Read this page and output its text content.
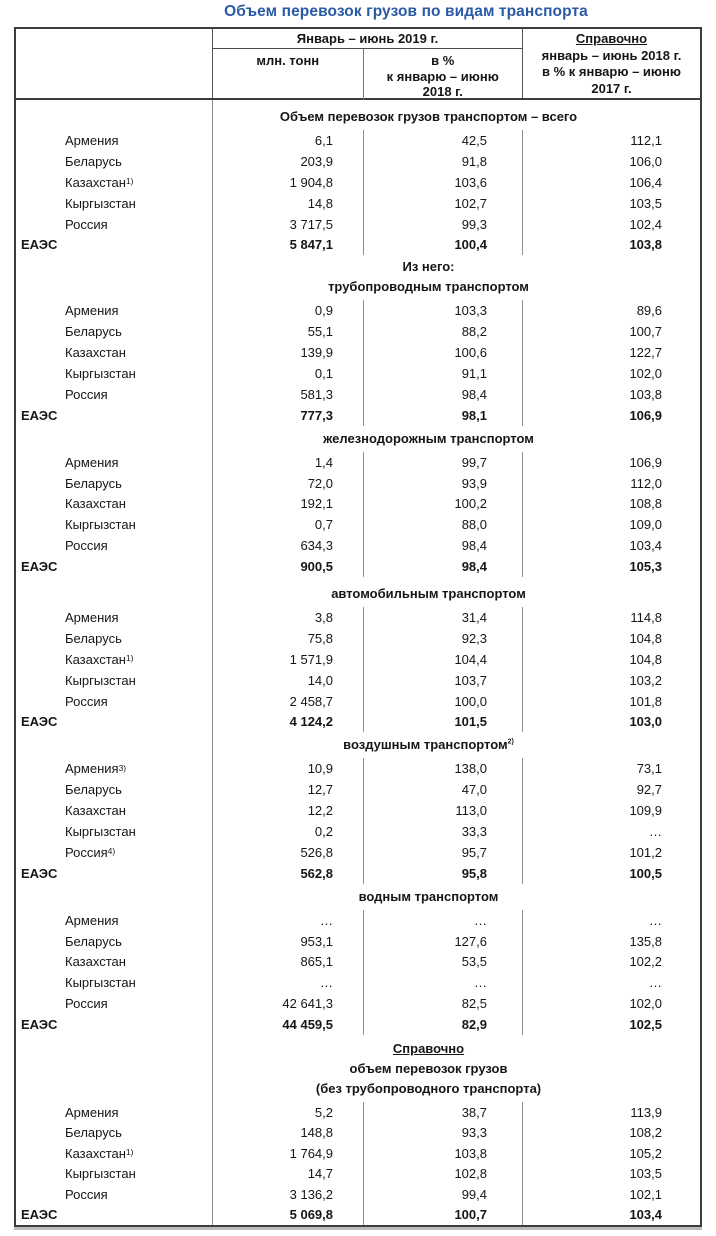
Объем перевозок грузов по видам транспорта
Январь – июнь 2019 г.
млн. тонн	в %
к январю – июню
2018 г.
Справочно
январь – июнь 2018 г.
в % к январю – июню
2017 г.
Объем перевозок грузов транспортом – всего
Армения	6,1	42,5	112,1
Беларусь	203,9	91,8	106,0
Казахстан$^{1)}$	1 904,8	103,6	106,4
Кыргызстан	14,8	102,7	103,5
Россия	3 717,5	99,3	102,4
ЕАЭС	5 847,1	100,4	103,8
Из него:
трубопроводным транспортом
Армения	0,9	103,3	89,6
Беларусь	55,1	88,2	100,7
Казахстан	139,9	100,6	122,7
Кыргызстан	0,1	91,1	102,0
Россия	581,3	98,4	103,8
ЕАЭС	777,3	98,1	106,9
железнодорожным транспортом
Армения	1,4	99,7	106,9
Беларусь	72,0	93,9	112,0
Казахстан	192,1	100,2	108,8
Кыргызстан	0,7	88,0	109,0
Россия	634,3	98,4	103,4
ЕАЭС	900,5	98,4	105,3
автомобильным транспортом
Армения	3,8	31,4	114,8
Беларусь	75,8	92,3	104,8
Казахстан$^{1)}$	1 571,9	104,4	104,8
Кыргызстан	14,0	103,7	103,2
Россия	2 458,7	100,0	101,8
ЕАЭС	4 124,2	101,5	103,0
воздушным транспортом$^{2)}$
Армения$^{3)}$	10,9	138,0	73,1
Беларусь	12,7	47,0	92,7
Казахстан	12,2	113,0	109,9
Кыргызстан	0,2	33,3	…
Россия$^{4)}$	526,8	95,7	101,2
ЕАЭС	562,8	95,8	100,5
водным транспортом
Армения	…	…	…
Беларусь	953,1	127,6	135,8
Казахстан	865,1	53,5	102,2
Кыргызстан	…	…	…
Россия	42 641,3	82,5	102,0
ЕАЭС	44 459,5	82,9	102,5
Справочно
объем перевозок грузов
(без трубопроводного транспорта)
Армения	5,2	38,7	113,9
Беларусь	148,8	93,3	108,2
Казахстан$^{1)}$	1 764,9	103,8	105,2
Кыргызстан	14,7	102,8	103,5
Россия	3 136,2	99,4	102,1
ЕАЭС	5 069,8	100,7	103,4
